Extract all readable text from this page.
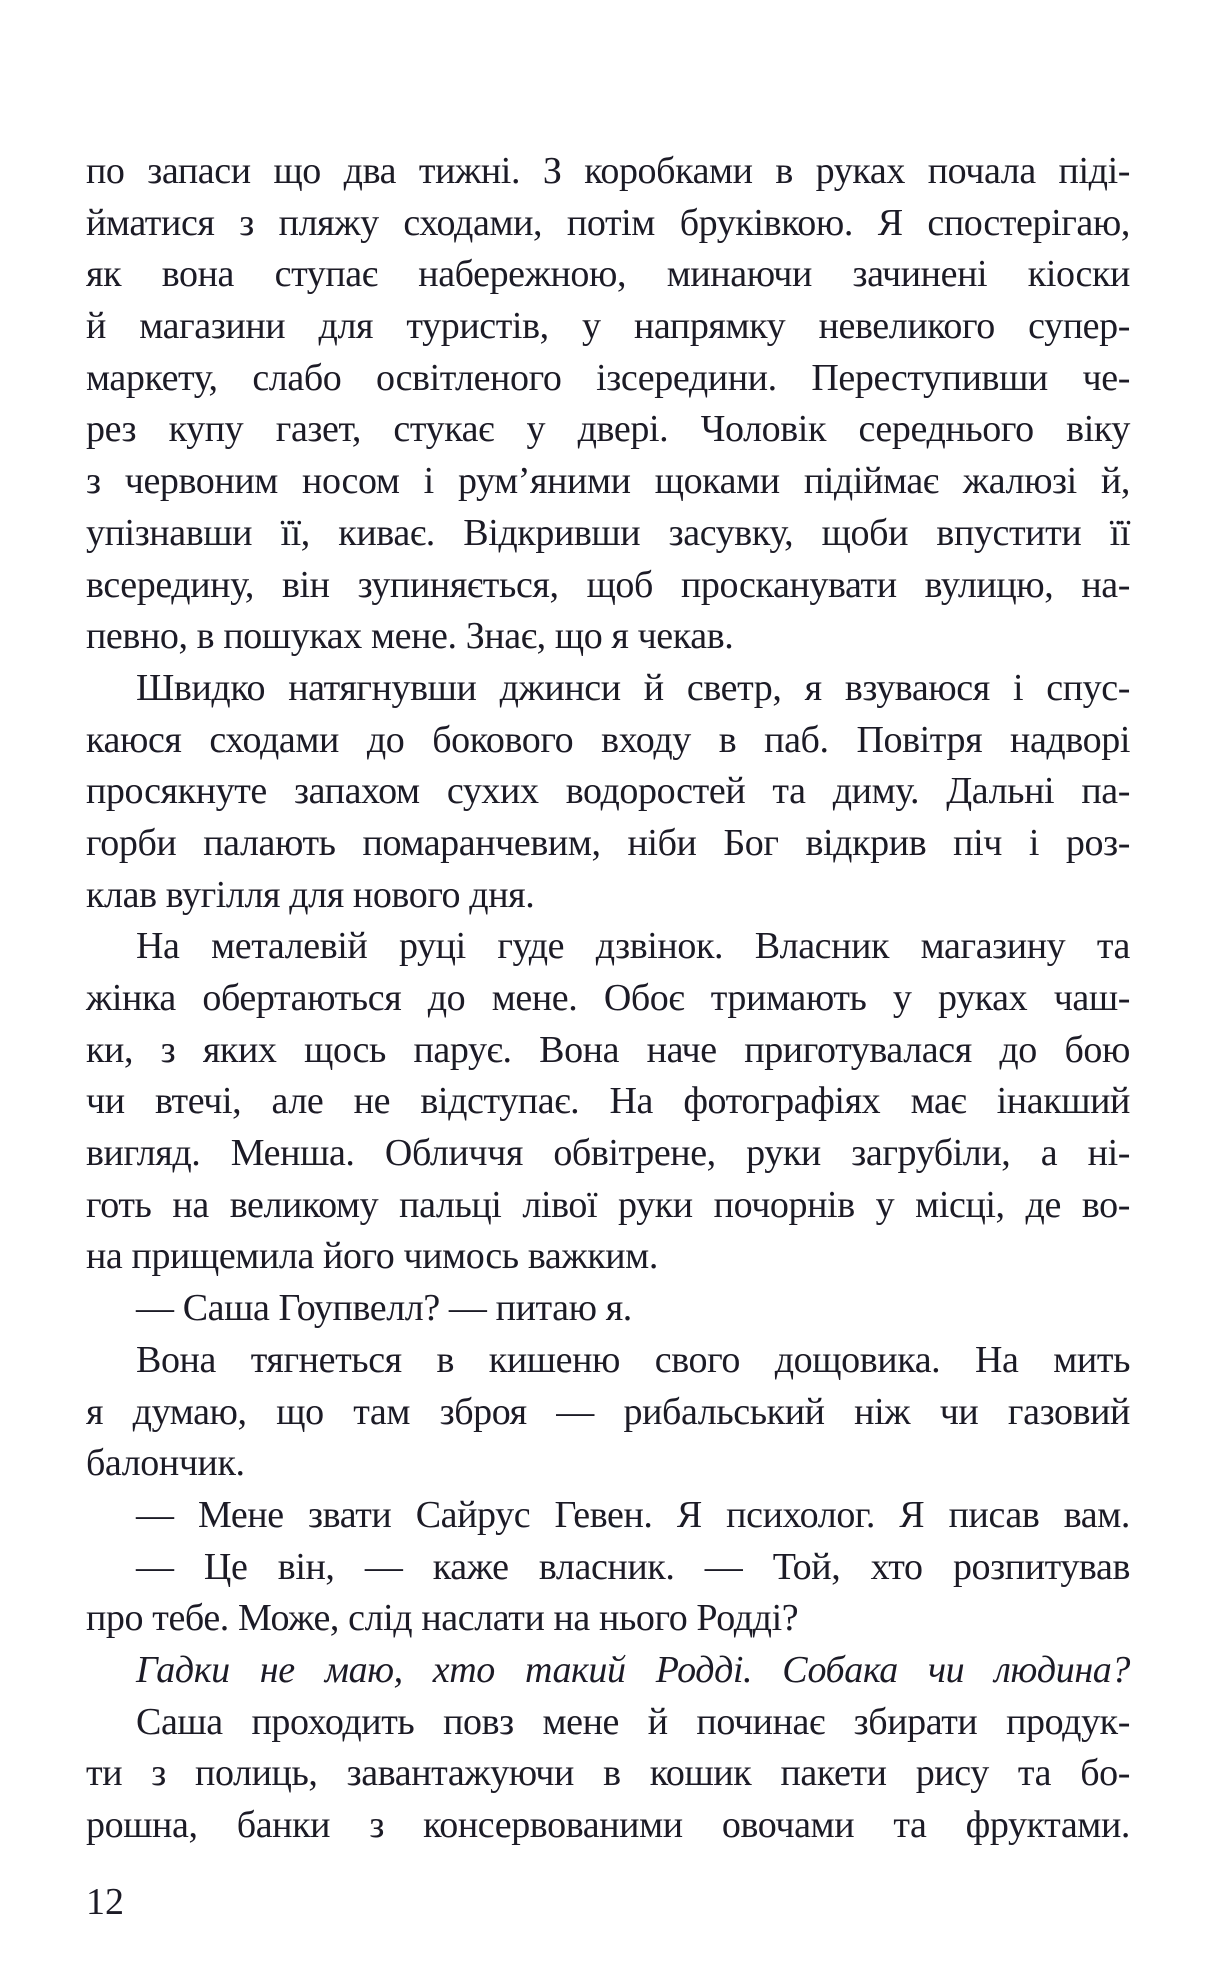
по запаси що два тижні. З коробками в руках почала піді-
йматися з пляжу сходами, потім бруківкою. Я спостерігаю,
як вона ступає набережною, минаючи зачинені кіоски
й магазини для туристів, у напрямку невеликого супер-
маркету, слабо освітленого ізсередини. Переступивши че-
рез купу газет, стукає у двері. Чоловік середнього віку
з червоним носом і рум’яними щоками підіймає жалюзі й,
упізнавши її, киває. Відкривши засувку, щоби впустити її
всередину, він зупиняється, щоб просканувати вулицю, на-
певно, в пошуках мене. Знає, що я чекав.
Швидко натягнувши джинси й светр, я взуваюся і спус-
каюся сходами до бокового входу в паб. Повітря надворі
просякнуте запахом сухих водоростей та диму. Дальні па-
горби палають помаранчевим, ніби Бог відкрив піч і роз-
клав вугілля для нового дня.
На металевій руці гуде дзвінок. Власник магазину та
жінка обертаються до мене. Обоє тримають у руках чаш-
ки, з яких щось парує. Вона наче приготувалася до бою
чи втечі, але не відступає. На фотографіях має інакший
вигляд. Менша. Обличчя обвітрене, руки загрубіли, а ні-
готь на великому пальці лівої руки почорнів у місці, де во-
на прищемила його чимось важким.
— Саша Гоупвелл? — питаю я.
Вона тягнеться в кишеню свого дощовика. На мить
я думаю, що там зброя — рибальський ніж чи газовий
балончик.
— Мене звати Сайрус Гевен. Я психолог. Я писав вам.
— Це він, — каже власник. — Той, хто розпитував
про тебе. Може, слід наслати на нього Родді?
Гадки не маю, хто такий Родді. Собака чи людина?
Саша проходить повз мене й починає збирати продук-
ти з полиць, завантажуючи в кошик пакети рису та бо-
рошна, банки з консервованими овочами та фруктами.
12
